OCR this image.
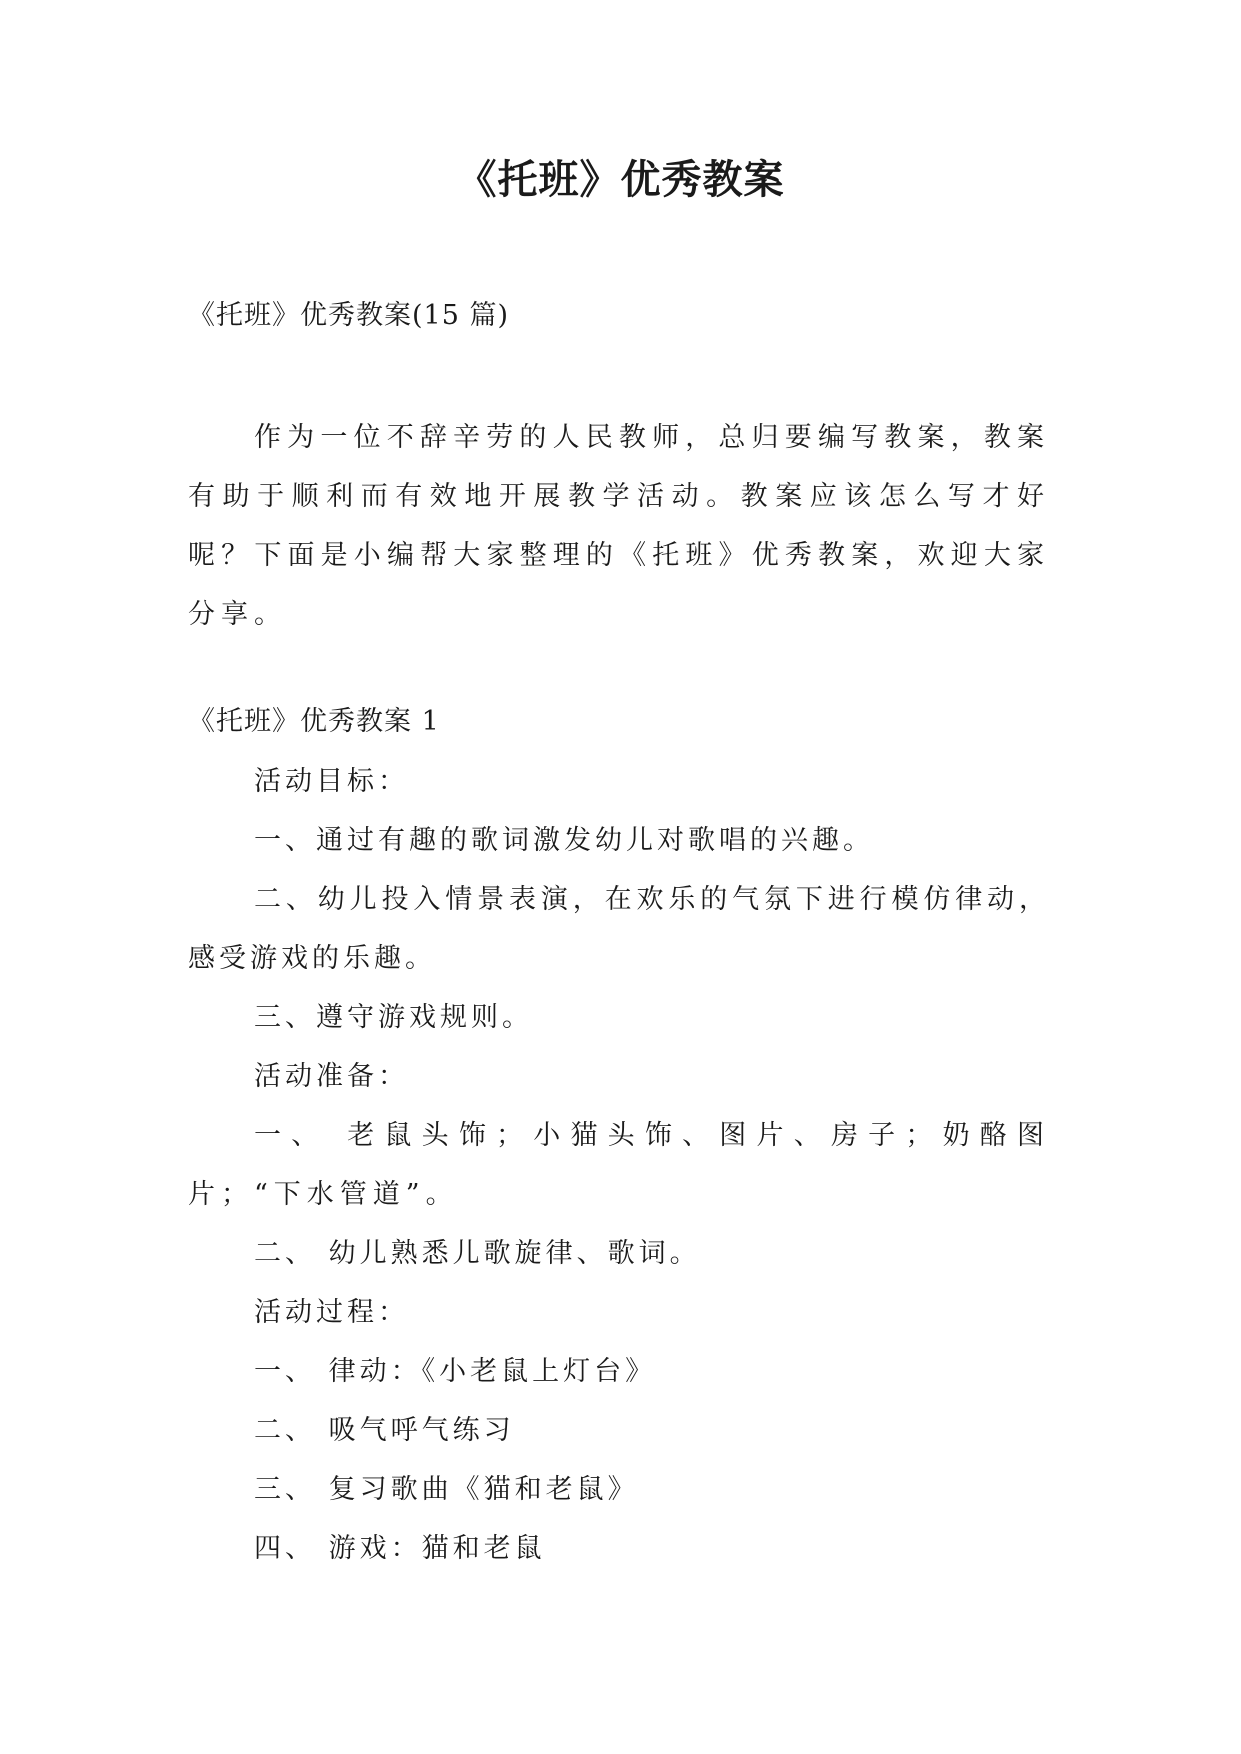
《托班》优秀教案
《托班》优秀教案(15 篇)

作为一位不辞辛劳的人民教师，总归要编写教案，教案有助于顺利而有效地开展教学活动。教案应该怎么写才好呢？下面是小编帮大家整理的《托班》优秀教案，欢迎大家分享。

《托班》优秀教案 1

活动目标：

一、通过有趣的歌词激发幼儿对歌唱的兴趣。

二、幼儿投入情景表演，在欢乐的气氛下进行模仿律动，感受游戏的乐趣。

三、遵守游戏规则。

活动准备：

一、 老鼠头饰；小猫头饰、图片、房子；奶酪图片；“下水管道”。

二、 幼儿熟悉儿歌旋律、歌词。

活动过程：

一、 律动：《小老鼠上灯台》

二、 吸气呼气练习

三、 复习歌曲《猫和老鼠》

四、 游戏：猫和老鼠
